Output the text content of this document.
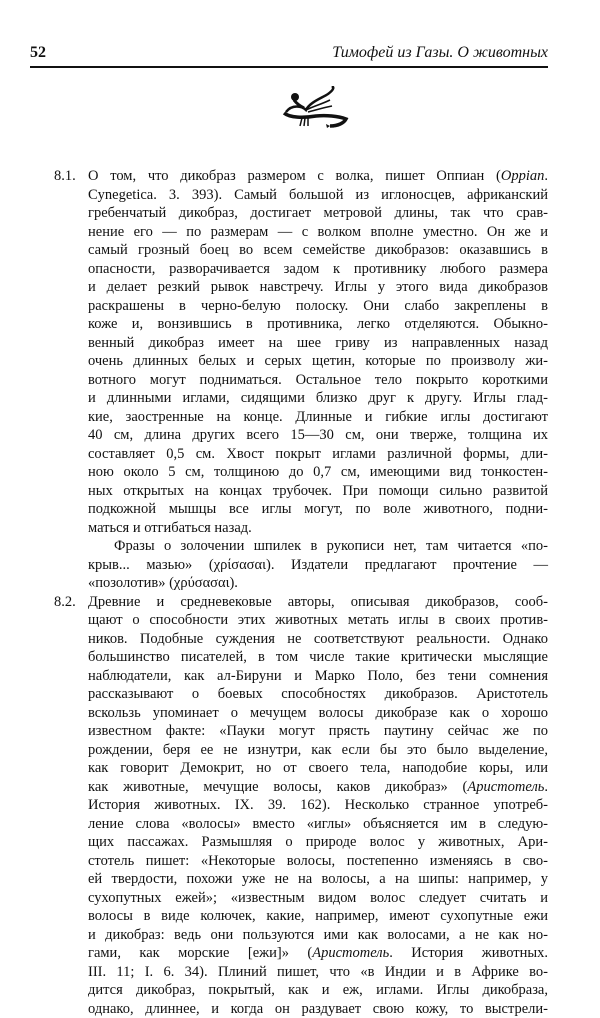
52	Тимофей из Газы. О животных
8.1. О том, что дикобраз размером с волка, пишет Оппиан (Oppian.
Cynegetica. 3. 393). Самый большой из иглоносцев, африканский
гребенчатый дикобраз, достигает метровой длины, так что срав-
нение его — по размерам — с волком вполне уместно. Он же и
самый грозный боец во всем семействе дикобразов: оказавшись в
опасности, разворачивается задом к противнику любого размера
и делает резкий рывок навстречу. Иглы у этого вида дикобразов
раскрашены в черно-белую полоску. Они слабо закреплены в
коже и, вонзившись в противника, легко отделяются. Обыкно-
венный дикобраз имеет на шее гриву из направленных назад
очень длинных белых и серых щетин, которые по произволу жи-
вотного могут подниматься. Остальное тело покрыто короткими
и длинными иглами, сидящими близко друг к другу. Иглы глад-
кие, заостренные на конце. Длинные и гибкие иглы достигают
40 см, длина других всего 15—30 см, они тверже, толщина их
составляет 0,5 см. Хвост покрыт иглами различной формы, дли-
ною около 5 см, толщиною до 0,7 см, имеющими вид тонкостен-
ных открытых на концах трубочек. При помощи сильно развитой
подкожной мышцы все иглы могут, по воле животного, подни-
маться и отгибаться назад.
Фразы о золочении шпилек в рукописи нет, там читается «по-
крыв... мазью» (χρίσασαι). Издатели предлагают прочтение —
«позолотив» (χρύσασαι).
8.2. Древние и средневековые авторы, описывая дикобразов, сооб-
щают о способности этих животных метать иглы в своих против-
ников. Подобные суждения не соответствуют реальности. Однако
большинство писателей, в том числе такие критически мыслящие
наблюдатели, как ал-Бируни и Марко Поло, без тени сомнения
рассказывают о боевых способностях дикобразов. Аристотель
вскользь упоминает о мечущем волосы дикобразе как о хорошо
известном факте: «Пауки могут прясть паутину сейчас же по
рождении, беря ее не изнутри, как если бы это было выделение,
как говорит Демокрит, но от своего тела, наподобие коры, или
как животные, мечущие волосы, каков дикобраз» (Аристотель.
История животных. IX. 39. 162). Несколько странное употреб-
ление слова «волосы» вместо «иглы» объясняется им в следую-
щих пассажах. Размышляя о природе волос у животных, Ари-
стотель пишет: «Некоторые волосы, постепенно изменяясь в сво-
ей твердости, похожи уже не на волосы, а на шипы: например, у
сухопутных ежей»; «известным видом волос следует считать и
волосы в виде колючек, какие, например, имеют сухопутные ежи
и дикобраз: ведь они пользуются ими как волосами, а не как но-
гами, как морские [ежи]» (Аристотель. История животных.
III. 11; I. 6. 34). Плиний пишет, что «в Индии и в Африке во-
дится дикобраз, покрытый, как и еж, иглами. Иглы дикобраза,
однако, длиннее, и когда он раздувает свою кожу, то выстрели-
